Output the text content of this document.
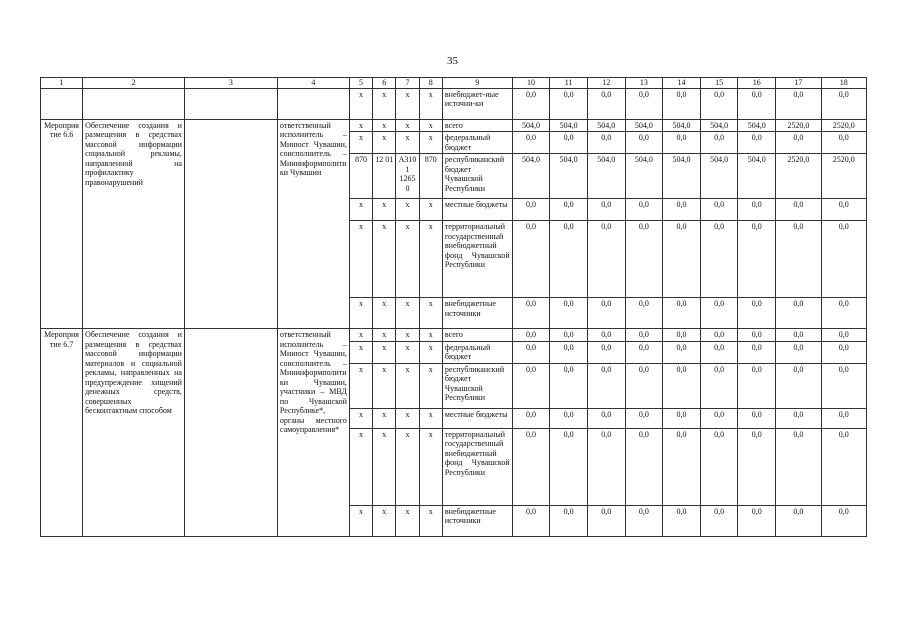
35
1	2	3	4	5	6	7	8	9	10	11	12	13	14	15	16	17	18
				x	x	x	x	внебюджет-ные источни-ки	0,0	0,0	0,0	0,0	0,0	0,0	0,0	0,0	0,0
Мероприятие 6.6	Обеспечение создания и размещения в средствах массовой информации социальной рекламы, направленной на профилактику правонарушений		ответственный исполнитель – Минюст Чувашии, соисполнитель – Мининформполитики Чувашии	x	x	x	x	всего	504,0	504,0	504,0	504,0	504,0	504,0	504,0	2520,0	2520,0
				x	x	x	x	федеральный бюджет	0,0	0,0	0,0	0,0	0,0	0,0	0,0	0,0	0,0
				870	12 01	А3101 12650	870	республиканский бюджет Чувашской Республики	504,0	504,0	504,0	504,0	504,0	504,0	504,0	2520,0	2520,0
				x	x	x	x	местные бюджеты	0,0	0,0	0,0	0,0	0,0	0,0	0,0	0,0	0,0
				x	x	x	x	территориальный государственный внебюджетный фонд Чувашской Республики	0,0	0,0	0,0	0,0	0,0	0,0	0,0	0,0	0,0
				x	x	x	x	внебюджетные источники	0,0	0,0	0,0	0,0	0,0	0,0	0,0	0,0	0,0
Мероприятие 6.7	Обеспечение создания и размещения в средствах массовой информации материалов и социальной рекламы, направленных на предупреждение хищений денежных средств, совершенных бесконтактным способом		ответственный исполнитель – Минюст Чувашии, соисполнитель – Мининформполитики Чувашии, участники – МВД по Чувашской Республике*, органы местного самоуправления*	x	x	x	x	всего	0,0	0,0	0,0	0,0	0,0	0,0	0,0	0,0	0,0
				x	x	x	x	федеральный бюджет	0,0	0,0	0,0	0,0	0,0	0,0	0,0	0,0	0,0
				x	x	x	x	республиканский бюджет Чувашской Республики	0,0	0,0	0,0	0,0	0,0	0,0	0,0	0,0	0,0
				x	x	x	x	местные бюджеты	0,0	0,0	0,0	0,0	0,0	0,0	0,0	0,0	0,0
				x	x	x	x	территориальный государственный внебюджетный фонд Чувашской Республики	0,0	0,0	0,0	0,0	0,0	0,0	0,0	0,0	0,0
				x	x	x	x	внебюджетные источники	0,0	0,0	0,0	0,0	0,0	0,0	0,0	0,0	0,0
